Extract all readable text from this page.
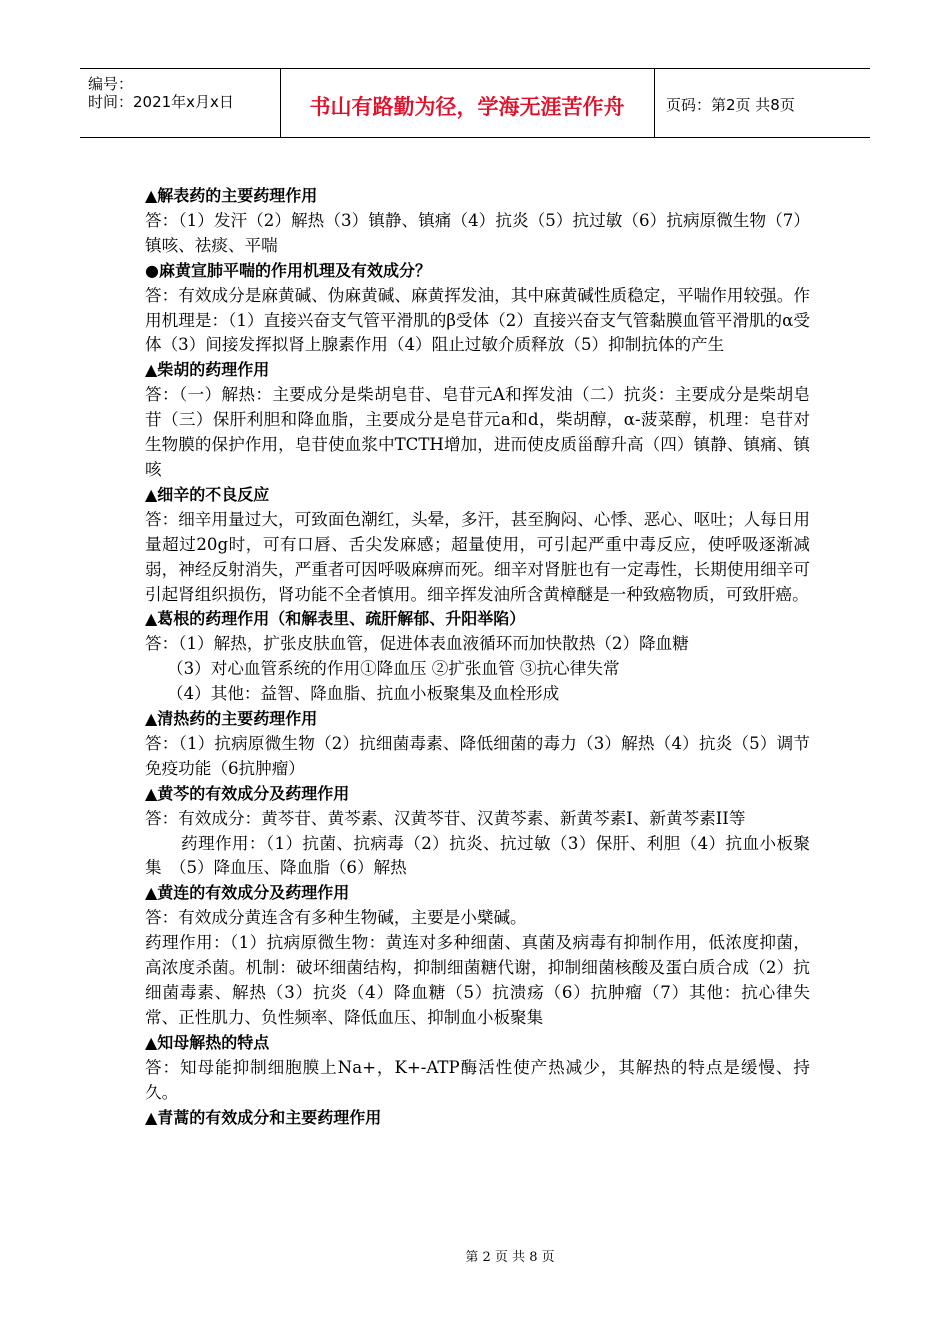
编号：
时间：2021年x月x日	书山有路勤为径，学海无涯苦作舟	页码：第2页 共8页

▲解表药的主要药理作用

答：（1）发汗（2）解热（3）镇静、镇痛（4）抗炎（5）抗过敏（6）抗病原微生物（7）镇咳、祛痰、平喘

●麻黄宣肺平喘的作用机理及有效成分？

答：有效成分是麻黄碱、伪麻黄碱、麻黄挥发油，其中麻黄碱性质稳定，平喘作用较强。作用机理是：（1）直接兴奋支气管平滑肌的β受体（2）直接兴奋支气管黏膜血管平滑肌的α受体（3）间接发挥拟肾上腺素作用（4）阻止过敏介质释放（5）抑制抗体的产生

▲柴胡的药理作用

答：（一）解热：主要成分是柴胡皂苷、皂苷元A和挥发油（二）抗炎：主要成分是柴胡皂苷（三）保肝利胆和降血脂，主要成分是皂苷元a和d，柴胡醇，α-菠菜醇，机理：皂苷对生物膜的保护作用，皂苷使血浆中TCTH增加，进而使皮质甾醇升高（四）镇静、镇痛、镇咳

▲细辛的不良反应

答：细辛用量过大，可致面色潮红，头晕，多汗，甚至胸闷、心悸、恶心、呕吐；人每日用量超过20g时，可有口唇、舌尖发麻感；超量使用，可引起严重中毒反应，使呼吸逐渐减弱，神经反射消失，严重者可因呼吸麻痹而死。细辛对肾脏也有一定毒性，长期使用细辛可引起肾组织损伤，肾功能不全者慎用。细辛挥发油所含黄樟醚是一种致癌物质，可致肝癌。

▲葛根的药理作用（和解表里、疏肝解郁、升阳举陷）

答：（1）解热，扩张皮肤血管，促进体表血液循环而加快散热（2）降血糖

（3）对心血管系统的作用①降血压 ②扩张血管 ③抗心律失常

（4）其他：益智、降血脂、抗血小板聚集及血栓形成

▲清热药的主要药理作用

答：（1）抗病原微生物（2）抗细菌毒素、降低细菌的毒力（3）解热（4）抗炎（5）调节免疫功能（6抗肿瘤）

▲黄芩的有效成分及药理作用

答：有效成分：黄芩苷、黄芩素、汉黄芩苷、汉黄芩素、新黄芩素I、新黄芩素II等

药理作用：（1）抗菌、抗病毒（2）抗炎、抗过敏（3）保肝、利胆（4）抗血小板聚集　（5）降血压、降血脂（6）解热

▲黄连的有效成分及药理作用

答：有效成分黄连含有多种生物碱，主要是小檗碱。

药理作用：（1）抗病原微生物：黄连对多种细菌、真菌及病毒有抑制作用，低浓度抑菌，高浓度杀菌。机制：破坏细菌结构，抑制细菌糖代谢，抑制细菌核酸及蛋白质合成（2）抗细菌毒素、解热（3）抗炎（4）降血糖（5）抗溃疡（6）抗肿瘤（7）其他：抗心律失常、正性肌力、负性频率、降低血压、抑制血小板聚集

▲知母解热的特点

答：知母能抑制细胞膜上Na+，K+-ATP酶活性使产热减少，其解热的特点是缓慢、持久。

▲青蒿的有效成分和主要药理作用

第 2 页 共 8 页
